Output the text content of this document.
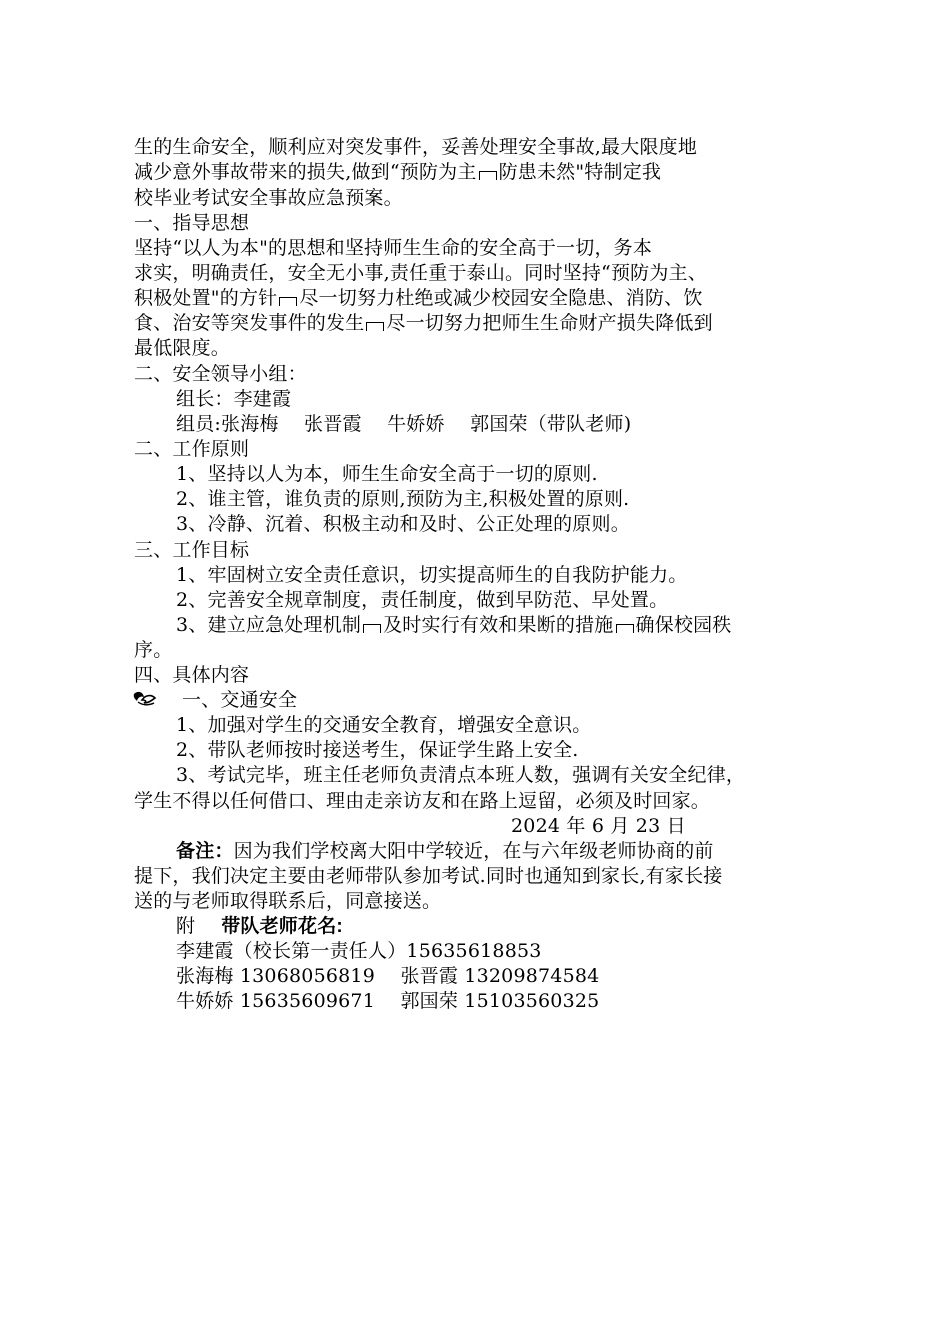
生的生命安全，顺利应对突发事件，妥善处理安全事故,最大限度地
减少意外事故带来的损失,做到“预防为主 防患未然"特制定我
校毕业考试安全事故应急预案。
一、指导思想
坚持“以人为本"的思想和坚持师生生命的安全高于一切，务本
求实，明确责任，安全无小事,责任重于泰山。同时坚持“预防为主、
积极处置"的方针 尽一切努力杜绝或减少校园安全隐患、消防、饮
食、治安等突发事件的发生 尽一切努力把师生生命财产损失降低到
最低限度。
二、安全领导小组：
组长：李建霞
组员:张海梅　 张晋霞　 牛娇娇　 郭国荣（带队老师)
二、工作原则
1、坚持以人为本，师生生命安全高于一切的原则.
2、谁主管，谁负责的原则,预防为主,积极处置的原则.
3、冷静、沉着、积极主动和及时、公正处理的原则。
三、工作目标
1、牢固树立安全责任意识，切实提高师生的自我防护能力。
2、完善安全规章制度，责任制度，做到早防范、早处置。
3、建立应急处理机制 及时实行有效和果断的措施 确保校园秩
序。
四、具体内容
一、交通安全
1、加强对学生的交通安全教育，增强安全意识。
2、带队老师按时接送考生，保证学生路上安全.
3、考试完毕，班主任老师负责清点本班人数，强调有关安全纪律，
学生不得以任何借口、理由走亲访友和在路上逗留，必须及时回家。
2024 年 6 月 23 日
备注：因为我们学校离大阳中学较近，在与六年级老师协商的前
提下，我们决定主要由老师带队参加考试.同时也通知到家长,有家长接
送的与老师取得联系后，同意接送。
附 带队老师花名:
李建霞（校长第一责任人）15635618853
张海梅 13068056819　 张晋霞 13209874584
牛娇娇 15635609671　 郭国荣 15103560325
